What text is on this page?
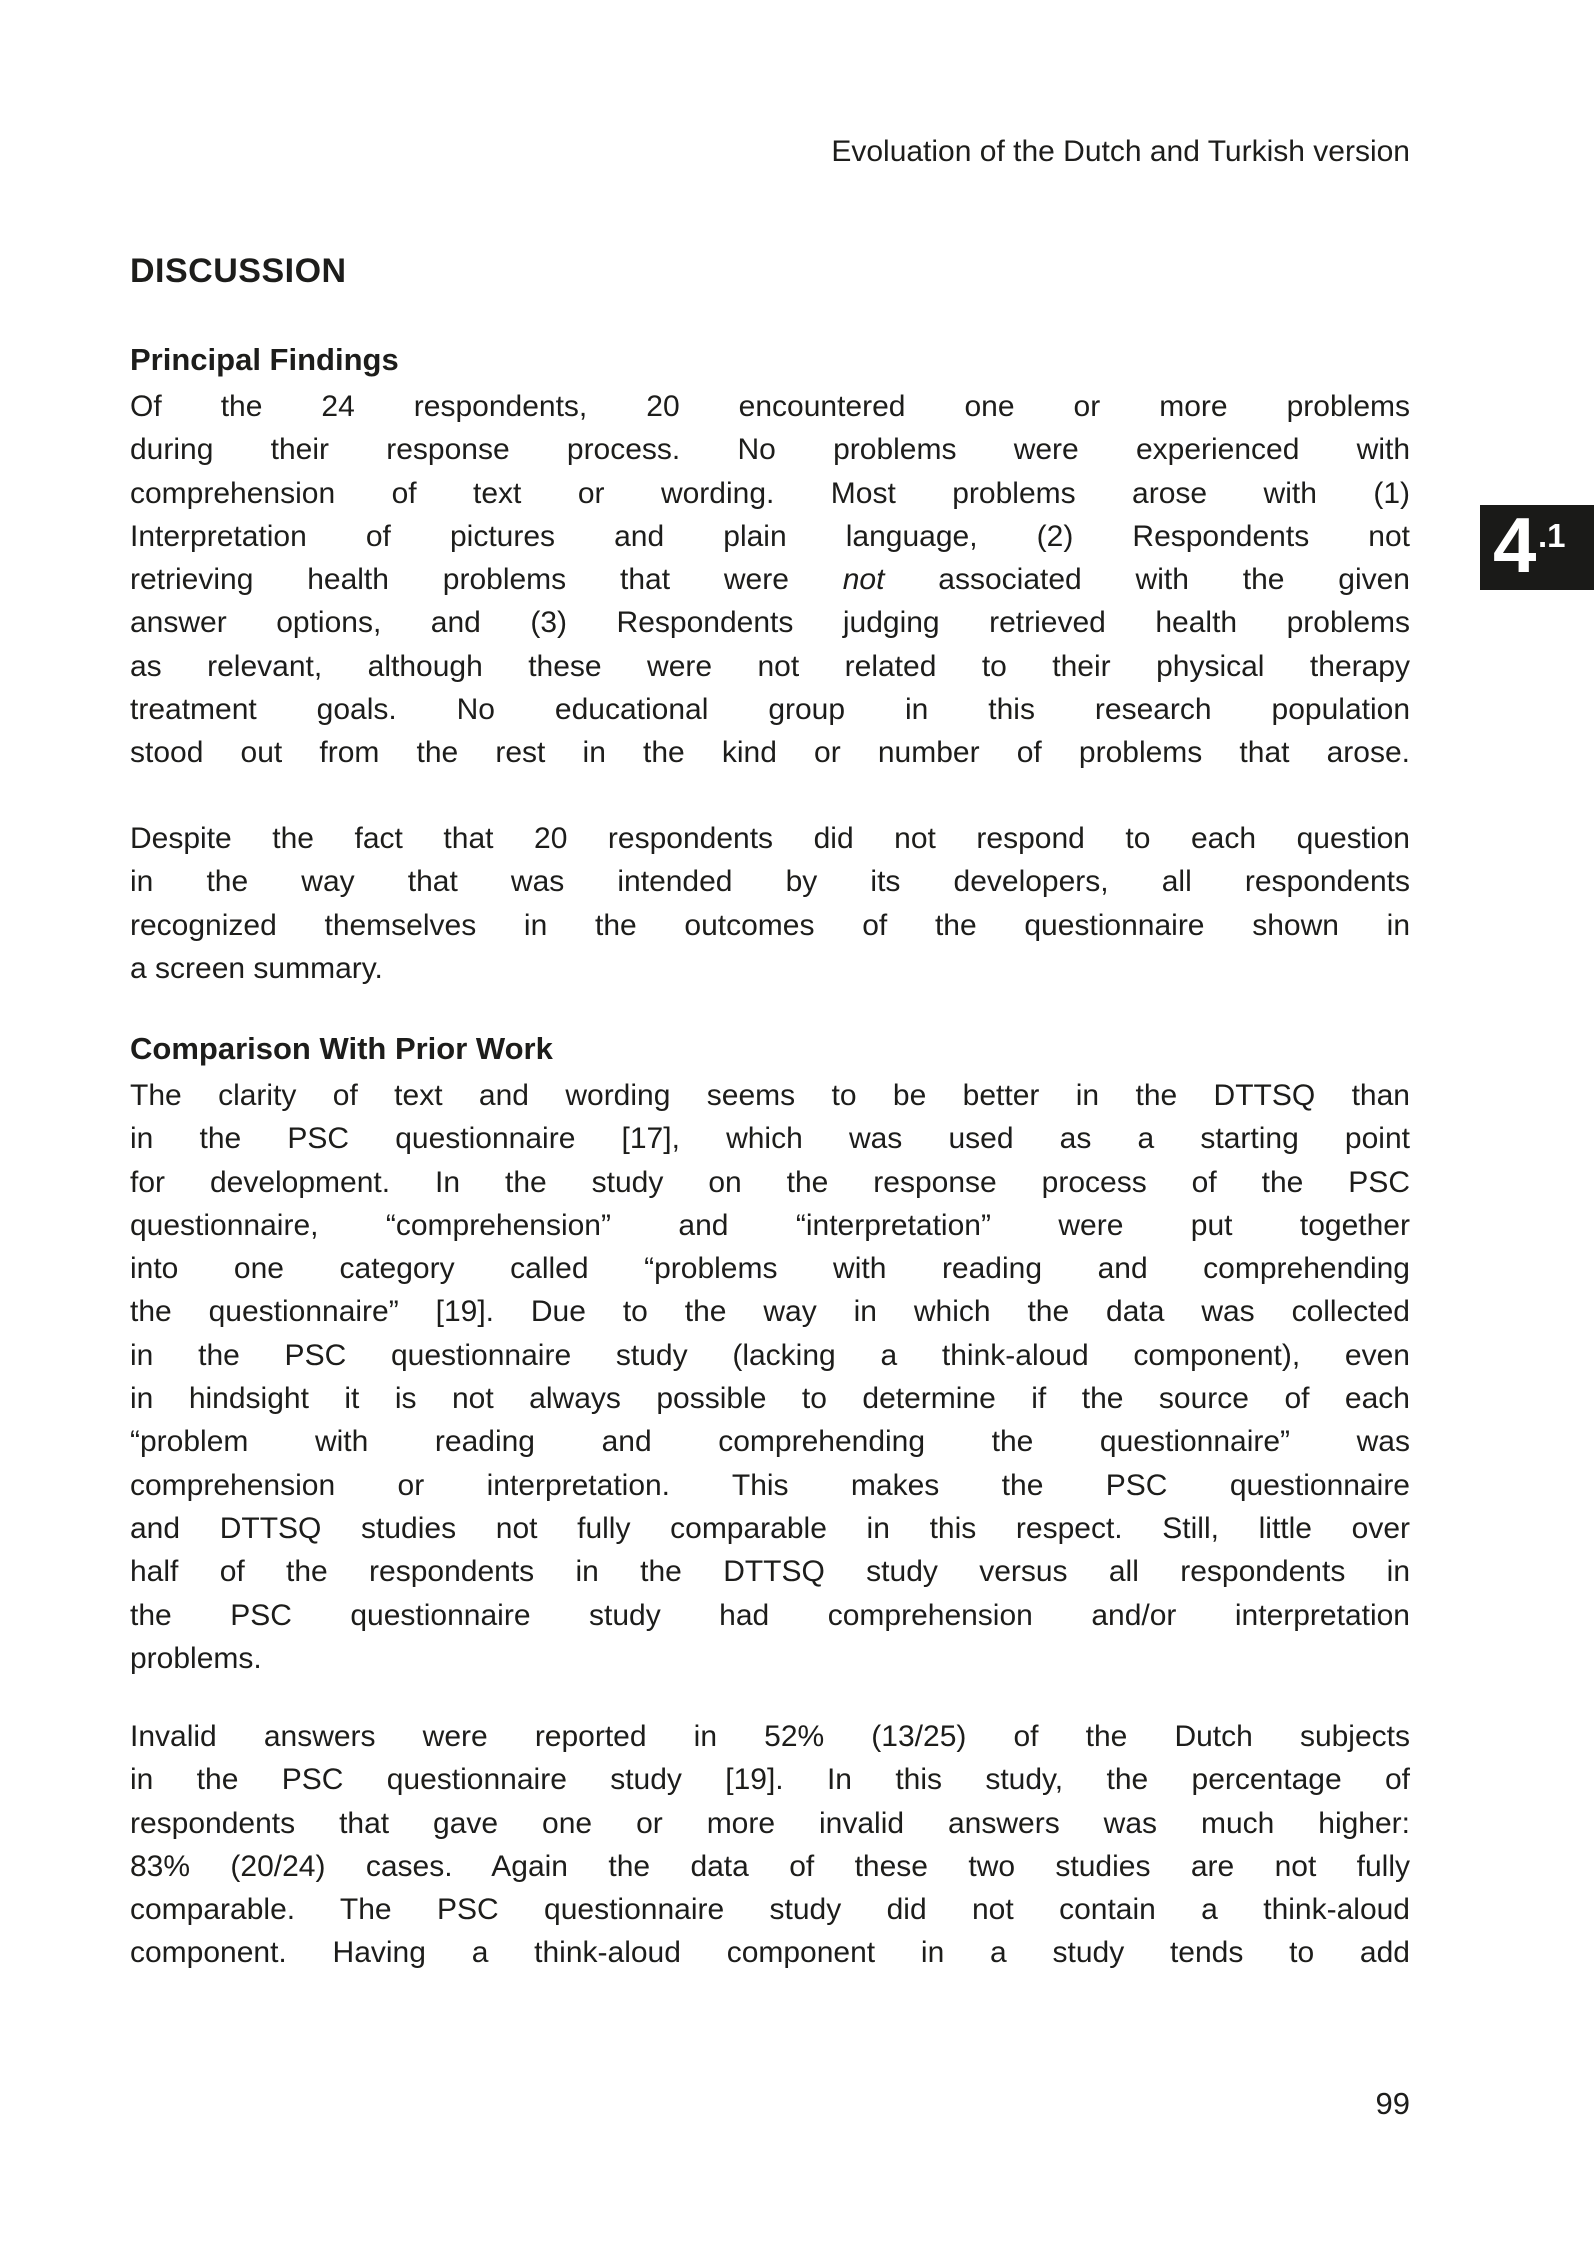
Evoluation of the Dutch and Turkish version
4 .1
DISCUSSION
Principal Findings
Of the 24 respondents, 20 encountered one or more problems
during their response process. No problems were experienced with
comprehension of text or wording. Most problems arose with (1)
Interpretation of pictures and plain language, (2) Respondents not
retrieving health problems that were not associated with the given
answer options, and (3) Respondents judging retrieved health problems
as relevant, although these were not related to their physical therapy
treatment goals. No educational group in this research population
stood out from the rest in the kind or number of problems that arose.
Despite the fact that 20 respondents did not respond to each question
in the way that was intended by its developers, all respondents
recognized themselves in the outcomes of the questionnaire shown in
a screen summary.
Comparison With Prior Work
The clarity of text and wording seems to be better in the DTTSQ than
in the PSC questionnaire [17], which was used as a starting point
for development. In the study on the response process of the PSC
questionnaire, “comprehension” and “interpretation” were put together
into one category called “problems with reading and comprehending
the questionnaire” [19]. Due to the way in which the data was collected
in the PSC questionnaire study (lacking a think-aloud component), even
in hindsight it is not always possible to determine if the source of each
“problem with reading and comprehending the questionnaire” was
comprehension or interpretation. This makes the PSC questionnaire
and DTTSQ studies not fully comparable in this respect. Still, little over
half of the respondents in the DTTSQ study versus all respondents in
the PSC questionnaire study had comprehension and/or interpretation
problems.
Invalid answers were reported in 52% (13/25) of the Dutch subjects
in the PSC questionnaire study [19]. In this study, the percentage of
respondents that gave one or more invalid answers was much higher:
83% (20/24) cases. Again the data of these two studies are not fully
comparable. The PSC questionnaire study did not contain a think-aloud
component. Having a think-aloud component in a study tends to add
99
